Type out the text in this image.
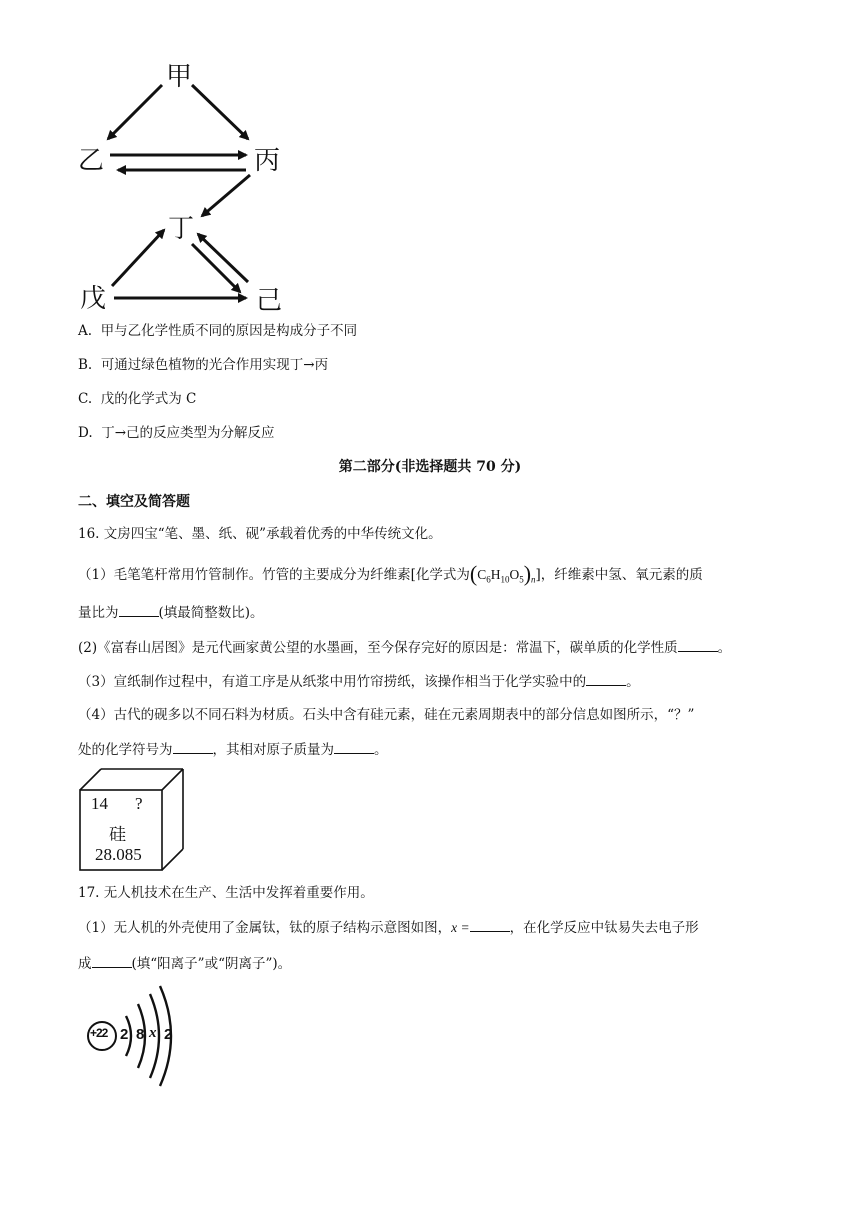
甲
乙	丙
丁
戊	己
A. 甲与乙化学性质不同的原因是构成分子不同
B. 可通过绿色植物的光合作用实现丁→丙
C. 戊的化学式为 C
D. 丁→己的反应类型为分解反应
第二部分(非选择题共 70 分)
二、填空及简答题
16. 文房四宝“笔、墨、纸、砚”承载着优秀的中华传统文化。
（1）毛笔笔杆常用竹管制作。竹管的主要成分为纤维素[化学式为$(C_6H_{10}O_5)_n$]，纤维素中氢、氧元素的质
量比为	(填最简整数比)。
(2)《富春山居图》是元代画家黄公望的水墨画，至今保存完好的原因是：常温下，碳单质的化学性质	。
（3）宣纸制作过程中，有道工序是从纸浆中用竹帘捞纸，该操作相当于化学实验中的	。
（4）古代的砚多以不同石料为材质。石头中含有硅元素，硅在元素周期表中的部分信息如图所示，“？”
处的化学符号为	，其相对原子质量为	。
14 ?
硅
28.085
17. 无人机技术在生产、生活中发挥着重要作用。
（1）无人机的外壳使用了金属钛，钛的原子结构示意图如图，x =	，在化学反应中钛易失去电子形
成	(填“阳离子”或“阴离子”)。
+22 2 8 x 2
